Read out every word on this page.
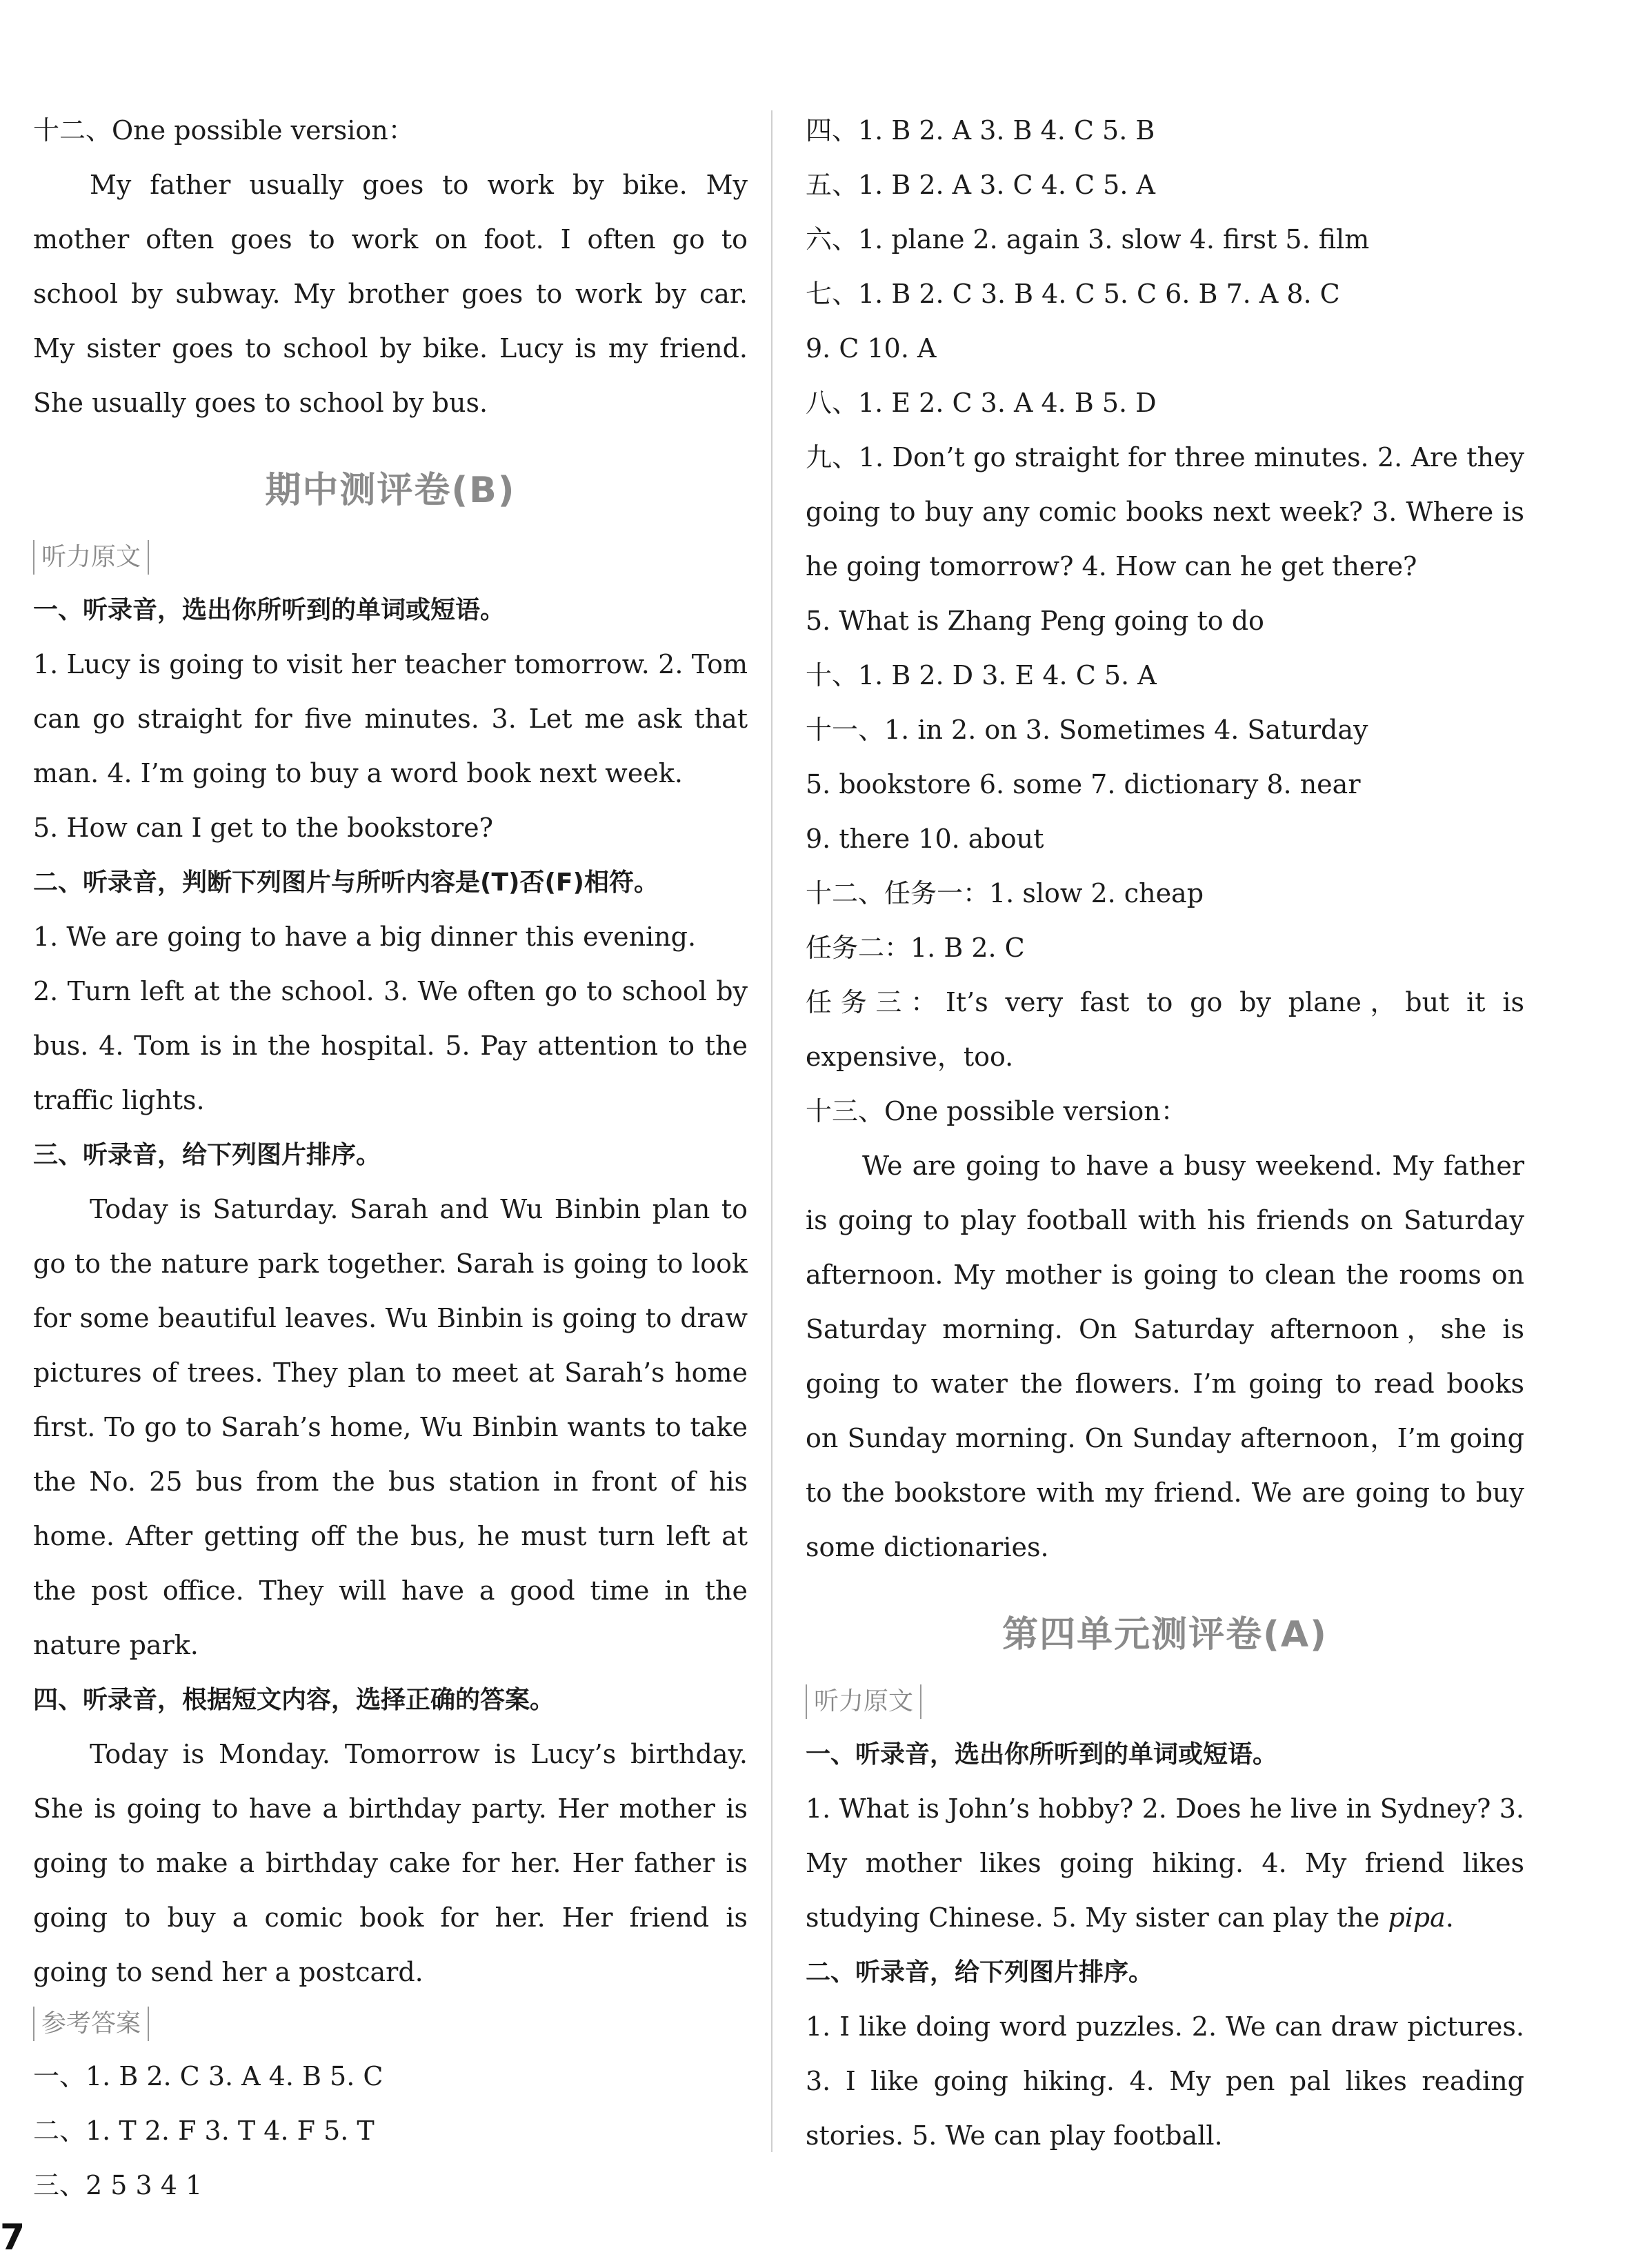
十二、One possible version：

My father usually goes to work by bike. My mother often goes to work on foot. I often go to school by subway. My brother goes to work by car. My sister goes to school by bike. Lucy is my friend. She usually goes to school by bus.

期中测评卷(B)
听力原文

一、听录音，选出你所听到的单词或短语。

1. Lucy is going to visit her teacher tomorrow. 2. Tom can go straight for five minutes. 3. Let me ask that man. 4. I’m going to buy a word book next week.

5. How can I get to the bookstore?

二、听录音，判断下列图片与所听内容是(T)否(F)相符。

1. We are going to have a big dinner this evening.

2. Turn left at the school. 3. We often go to school by bus. 4. Tom is in the hospital. 5. Pay attention to the traffic lights.

三、听录音，给下列图片排序。

Today is Saturday. Sarah and Wu Binbin plan to go to the nature park together. Sarah is going to look for some beautiful leaves. Wu Binbin is going to draw pictures of trees. They plan to meet at Sarah’s home first. To go to Sarah’s home, Wu Binbin wants to take the No. 25 bus from the bus station in front of his home. After getting off the bus, he must turn left at the post office. They will have a good time in the nature park.

四、听录音，根据短文内容，选择正确的答案。

Today is Monday. Tomorrow is Lucy’s birthday. She is going to have a birthday party. Her mother is going to make a birthday cake for her. Her father is going to buy a comic book for her. Her friend is going to send her a postcard.

参考答案

一、1. B 2. C 3. A 4. B 5. C

二、1. T 2. F 3. T 4. F 5. T

三、2 5 3 4 1

四、1. B 2. A 3. B 4. C 5. B

五、1. B 2. A 3. C 4. C 5. A

六、1. plane 2. again 3. slow 4. first 5. film

七、1. B 2. C 3. B 4. C 5. C 6. B 7. A 8. C

9. C 10. A

八、1. E 2. C 3. A 4. B 5. D

九、1. Don’t go straight for three minutes. 2. Are they going to buy any comic books next week? 3. Where is he going tomorrow? 4. How can he get there?

5. What is Zhang Peng going to do

十、1. B 2. D 3. E 4. C 5. A

十一、1. in 2. on 3. Sometimes 4. Saturday

5. bookstore 6. some 7. dictionary 8. near

9. there 10. about

十二、任务一：1. slow 2. cheap

任务二：1. B 2. C

任务三：It’s very fast to go by plane，but it is expensive，too.

十三、One possible version：

We are going to have a busy weekend. My father is going to play football with his friends on Saturday afternoon. My mother is going to clean the rooms on Saturday morning. On Saturday afternoon，she is going to water the flowers. I’m going to read books on Sunday morning. On Sunday afternoon，I’m going to the bookstore with my friend. We are going to buy some dictionaries.

第四单元测评卷(A)
听力原文

一、听录音，选出你所听到的单词或短语。

1. What is John’s hobby? 2. Does he live in Sydney? 3. My mother likes going hiking. 4. My friend likes studying Chinese. 5. My sister can play the pipa.

二、听录音，给下列图片排序。

1. I like doing word puzzles. 2. We can draw pictures. 3. I like going hiking. 4. My pen pal likes reading stories. 5. We can play football.

7
